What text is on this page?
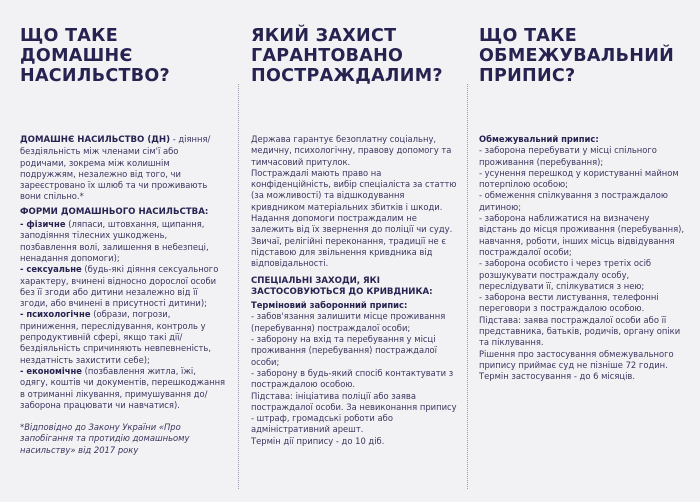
ЩО ТАКЕ ДОМАШНЄ
НАСИЛЬСТВО?

ДОМАШНЄ НАСИЛЬСТВО (ДН) - діяння/бездіяльність між членами сім'ї або родичами, зокрема між колишнім подружжям, незалежно від того, чи зареєстровано їх шлюб та чи проживають вони спільно.*

ФОРМИ ДОМАШНЬОГО НАСИЛЬСТВА:

- фізичне (ляпаси, штовхання, щипання, заподіяння тілесних ушкоджень, позбавлення волі, залишення в небезпеці, ненадання допомоги);

- сексуальне (будь-які діяння сексуального характеру, вчинені відносно дорослої особи без її згоди або дитини незалежно від її згоди, або вчинені в присутності дитини);

- психологічне (образи, погрози, приниження, переслідування, контроль у репродуктивній сфері, якщо такі дії/бездіяльність спричиняють невпевненість, нездатність захистити себе);

- економічне (позбавлення житла, їжі, одягу, коштів чи документів, перешкоджання в отриманні лікування, примушування до/заборона працювати чи навчатися).

*Відповідно до Закону України «Про запобігання та протидію домашньому насильству» від 2017 року

ЯКИЙ ЗАХИСТ
ГАРАНТОВАНО
ПОСТРАЖДАЛИМ?

Держава гарантує безоплатну соціальну, медичну, психологічну, правову допомогу та тимчасовий притулок.

Постраждалі мають право на конфіденційність, вибір спеціаліста за статтю (за можливості) та відшкодування кривдником матеріальних збитків і шкоди.

Надання допомоги постраждалим не залежить від їх звернення до поліції чи суду.

Звичаї, релігійні переконання, традиції не є підставою для звільнення кривдника від відповідальності.

СПЕЦІАЛЬНІ ЗАХОДИ, ЯКІ ЗАСТОСОВУЮТЬСЯ ДО КРИВДНИКА:

Терміновий заборонний припис:

- забов'язання залишити місце проживання (перебування) постраждалої особи;

- заборону на вхід та перебування у місці проживання (перебування) постраждалої особи;

- заборону в будь-який спосіб контактувати з постраждалою особою.

Підстава: ініціатива поліції або заява постраждалої особи. За невиконання припису - штраф, громадські роботи або адміністративний арешт.

Термін дії припису - до 10 діб.

ЩО ТАКЕ
ОБМЕЖУВАЛЬНИЙ
ПРИПИС?

Обмежувальний припис:

- заборона перебувати у місці спільного проживання (перебування);

- усунення перешкод у користуванні майном потерпілою особою;

- обмеження спілкування з постраждалою дитиною;

- заборона наближатися на визначену відстань до місця проживання (перебування), навчання, роботи, інших місць відвідування постраждалої особи;

- заборона особисто і через третіх осіб розшукувати постраждалу особу, переслідувати її, спілкуватися з нею;

- заборона вести листування, телефонні переговори з постраждалою особою.

Підстава: заява постраждалої особи або її представника, батьків, родичів, органу опіки та піклування.

Рішення про застосування обмежувального припису приймає суд не пізніше 72 годин.

Термін застосування - до 6 місяців.
